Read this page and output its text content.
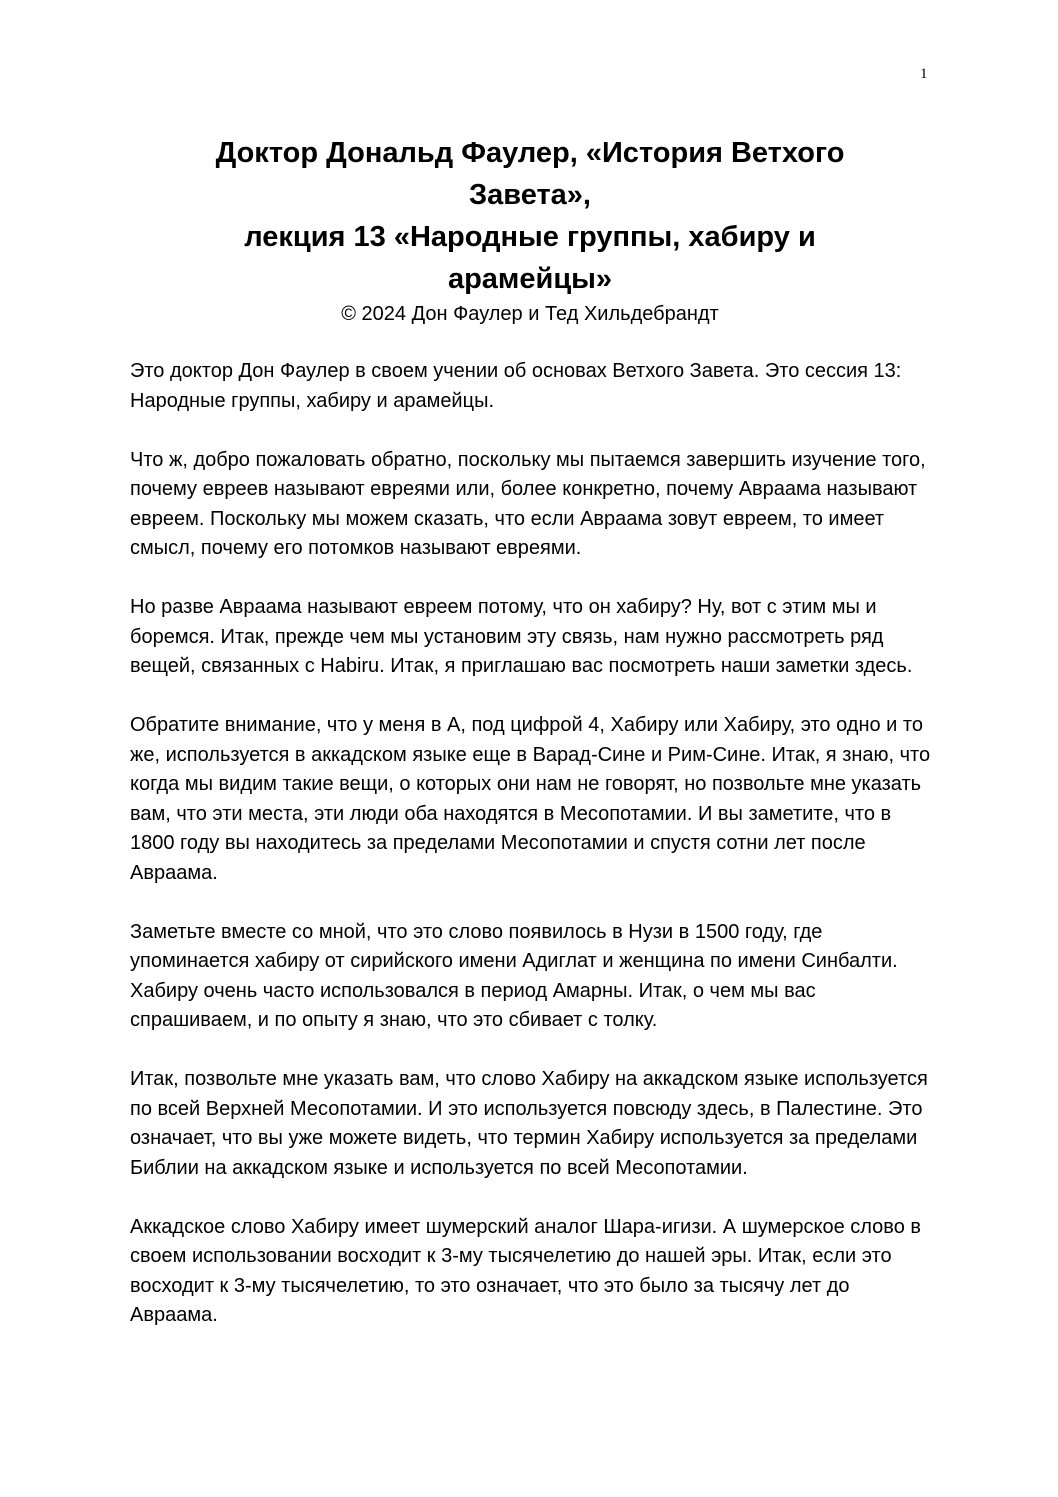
1

Доктор Дональд Фаулер, «История Ветхого

Завета»,

лекция 13 «Народные группы, хабиру и

арамейцы»

© 2024 Дон Фаулер и Тед Хильдебрандт

Это доктор Дон Фаулер в своем учении об основах Ветхого Завета. Это сессия 13: Народные группы, хабиру и арамейцы.

Что ж, добро пожаловать обратно, поскольку мы пытаемся завершить изучение того, почему евреев называют евреями или, более конкретно, почему Авраама называют евреем. Поскольку мы можем сказать, что если Авраама зовут евреем, то имеет смысл, почему его потомков называют евреями.

Но разве Авраама называют евреем потому, что он хабиру? Ну, вот с этим мы и боремся. Итак, прежде чем мы установим эту связь, нам нужно рассмотреть ряд вещей, связанных с Habiru. Итак, я приглашаю вас посмотреть наши заметки здесь.

Обратите внимание, что у меня в А, под цифрой 4, Хабиру или Хабиру, это одно и то же, используется в аккадском языке еще в Варад-Сине и Рим-Сине. Итак, я знаю, что когда мы видим такие вещи, о которых они нам не говорят, но позвольте мне указать вам, что эти места, эти люди оба находятся в Месопотамии. И вы заметите, что в 1800 году вы находитесь за пределами Месопотамии и спустя сотни лет после Авраама.

Заметьте вместе со мной, что это слово появилось в Нузи в 1500 году, где упоминается хабиру от сирийского имени Адиглат и женщина по имени Синбалти. Хабиру очень часто использовался в период Амарны. Итак, о чем мы вас спрашиваем, и по опыту я знаю, что это сбивает с толку.

Итак, позвольте мне указать вам, что слово Хабиру на аккадском языке используется по всей Верхней Месопотамии. И это используется повсюду здесь, в Палестине. Это означает, что вы уже можете видеть, что термин Хабиру используется за пределами Библии на аккадском языке и используется по всей Месопотамии.

Аккадское слово Хабиру имеет шумерский аналог Шара-игизи. А шумерское слово в своем использовании восходит к 3-му тысячелетию до нашей эры. Итак, если это восходит к 3-му тысячелетию, то это означает, что это было за тысячу лет до Авраама.
